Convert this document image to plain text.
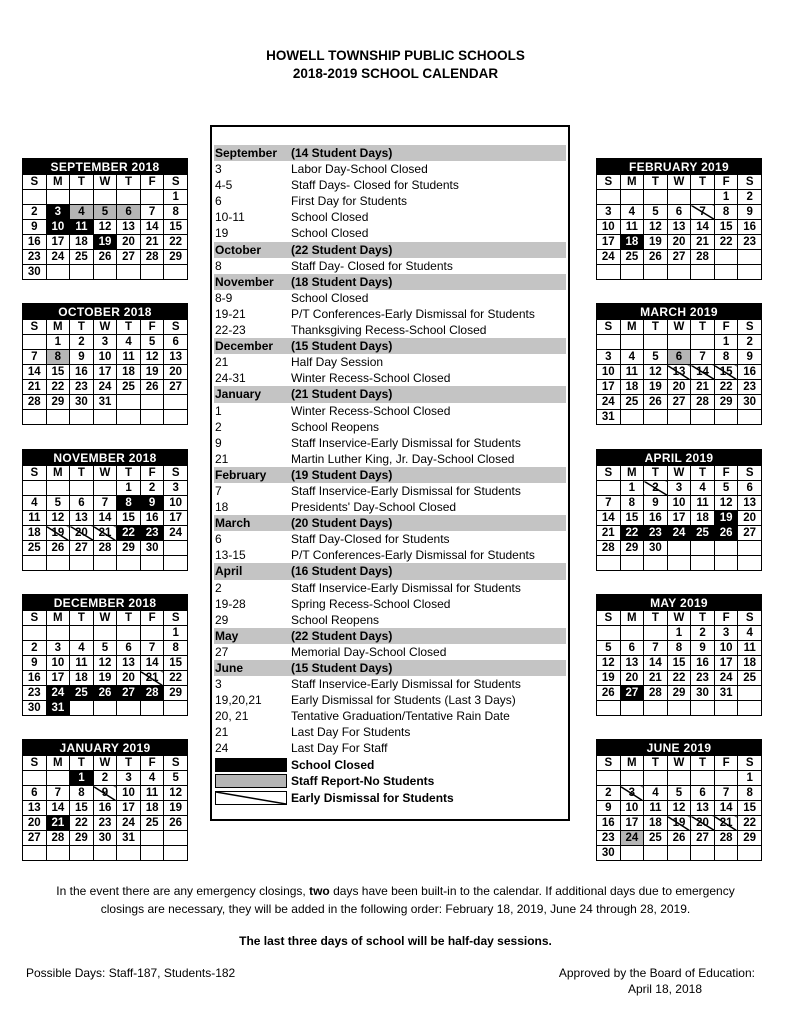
HOWELL TOWNSHIP PUBLIC SCHOOLS
2018-2019 SCHOOL CALENDAR
SEPTEMBER 2018						
S	M	T	W	T	F	S
						1
2	3	4	5	6	7	8
9	10	11	12	13	14	15
16	17	18	19	20	21	22
23	24	25	26	27	28	29
30						
OCTOBER 2018						
S	M	T	W	T	F	S
	1	2	3	4	5	6
7	8	9	10	11	12	13
14	15	16	17	18	19	20
21	22	23	24	25	26	27
28	29	30	31			

NOVEMBER 2018						
S	M	T	W	T	F	S
				1	2	3
4	5	6	7	8	9	10
11	12	13	14	15	16	17
18	19	20	21	22	23	24
25	26	27	28	29	30	

DECEMBER 2018						
S	M	T	W	T	F	S
						1
2	3	4	5	6	7	8
9	10	11	12	13	14	15
16	17	18	19	20	21	22
23	24	25	26	27	28	29
30	31					
JANUARY 2019						
S	M	T	W	T	F	S
		1	2	3	4	5
6	7	8	9	10	11	12
13	14	15	16	17	18	19
20	21	22	23	24	25	26
27	28	29	30	31		

FEBRUARY 2019						
S	M	T	W	T	F	S
					1	2
3	4	5	6	7	8	9
10	11	12	13	14	15	16
17	18	19	20	21	22	23
24	25	26	27	28		

MARCH 2019						
S	M	T	W	T	F	S
					1	2
3	4	5	6	7	8	9
10	11	12	13	14	15	16
17	18	19	20	21	22	23
24	25	26	27	28	29	30
31						
APRIL 2019						
S	M	T	W	T	F	S
	1	2	3	4	5	6
7	8	9	10	11	12	13
14	15	16	17	18	19	20
21	22	23	24	25	26	27
28	29	30				

MAY 2019						
S	M	T	W	T	F	S
			1	2	3	4
5	6	7	8	9	10	11
12	13	14	15	16	17	18
19	20	21	22	23	24	25
26	27	28	29	30	31	

JUNE 2019						
S	M	T	W	T	F	S
						1
2	3	4	5	6	7	8
9	10	11	12	13	14	15
16	17	18	19	20	21	22
23	24	25	26	27	28	29
30						
September (14 Student Days)
3	Labor Day-School Closed
4-5	Staff Days- Closed for Students
6	First Day for Students
10-11	School Closed
19	School Closed
October (22 Student Days)
8	Staff Day- Closed for Students
November (18 Student Days)
8-9	School Closed
19-21	P/T Conferences-Early Dismissal for Students
22-23	Thanksgiving Recess-School Closed
December (15 Student Days)
21	Half Day Session
24-31	Winter Recess-School Closed
January (21 Student Days)
1	Winter Recess-School Closed
2	School Reopens
9	Staff Inservice-Early Dismissal for Students
21	Martin Luther King, Jr. Day-School Closed
February (19 Student Days)
7	Staff Inservice-Early Dismissal for Students
18	Presidents' Day-School Closed
March	(20 Student Days)
6	Staff Day-Closed for Students
13-15	P/T Conferences-Early Dismissal for Students
April	(16 Student Days)
2	Staff Inservice-Early Dismissal for Students
19-28	Spring Recess-School Closed
29	School Reopens
May	(22 Student Days)
27	Memorial Day-School Closed
June	(15 Student Days)
3	Staff Inservice-Early Dismissal for Students
19,20,21 Early Dismissal for Students (Last 3 Days)
20, 21	Tentative Graduation/Tentative Rain Date
21	Last Day For Students
24	Last Day For Staff
School Closed
Staff Report-No Students
Early Dismissal for Students
In the event there are any emergency closings, two days have been built-in to the calendar. If additional days due to emergency
closings are necessary, they will be added in the following order: February 18, 2019, June 24 through 28, 2019.
The last three days of school will be half-day sessions.
Possible Days: Staff-187, Students-182	Approved by the Board of Education:
April 18, 2018
